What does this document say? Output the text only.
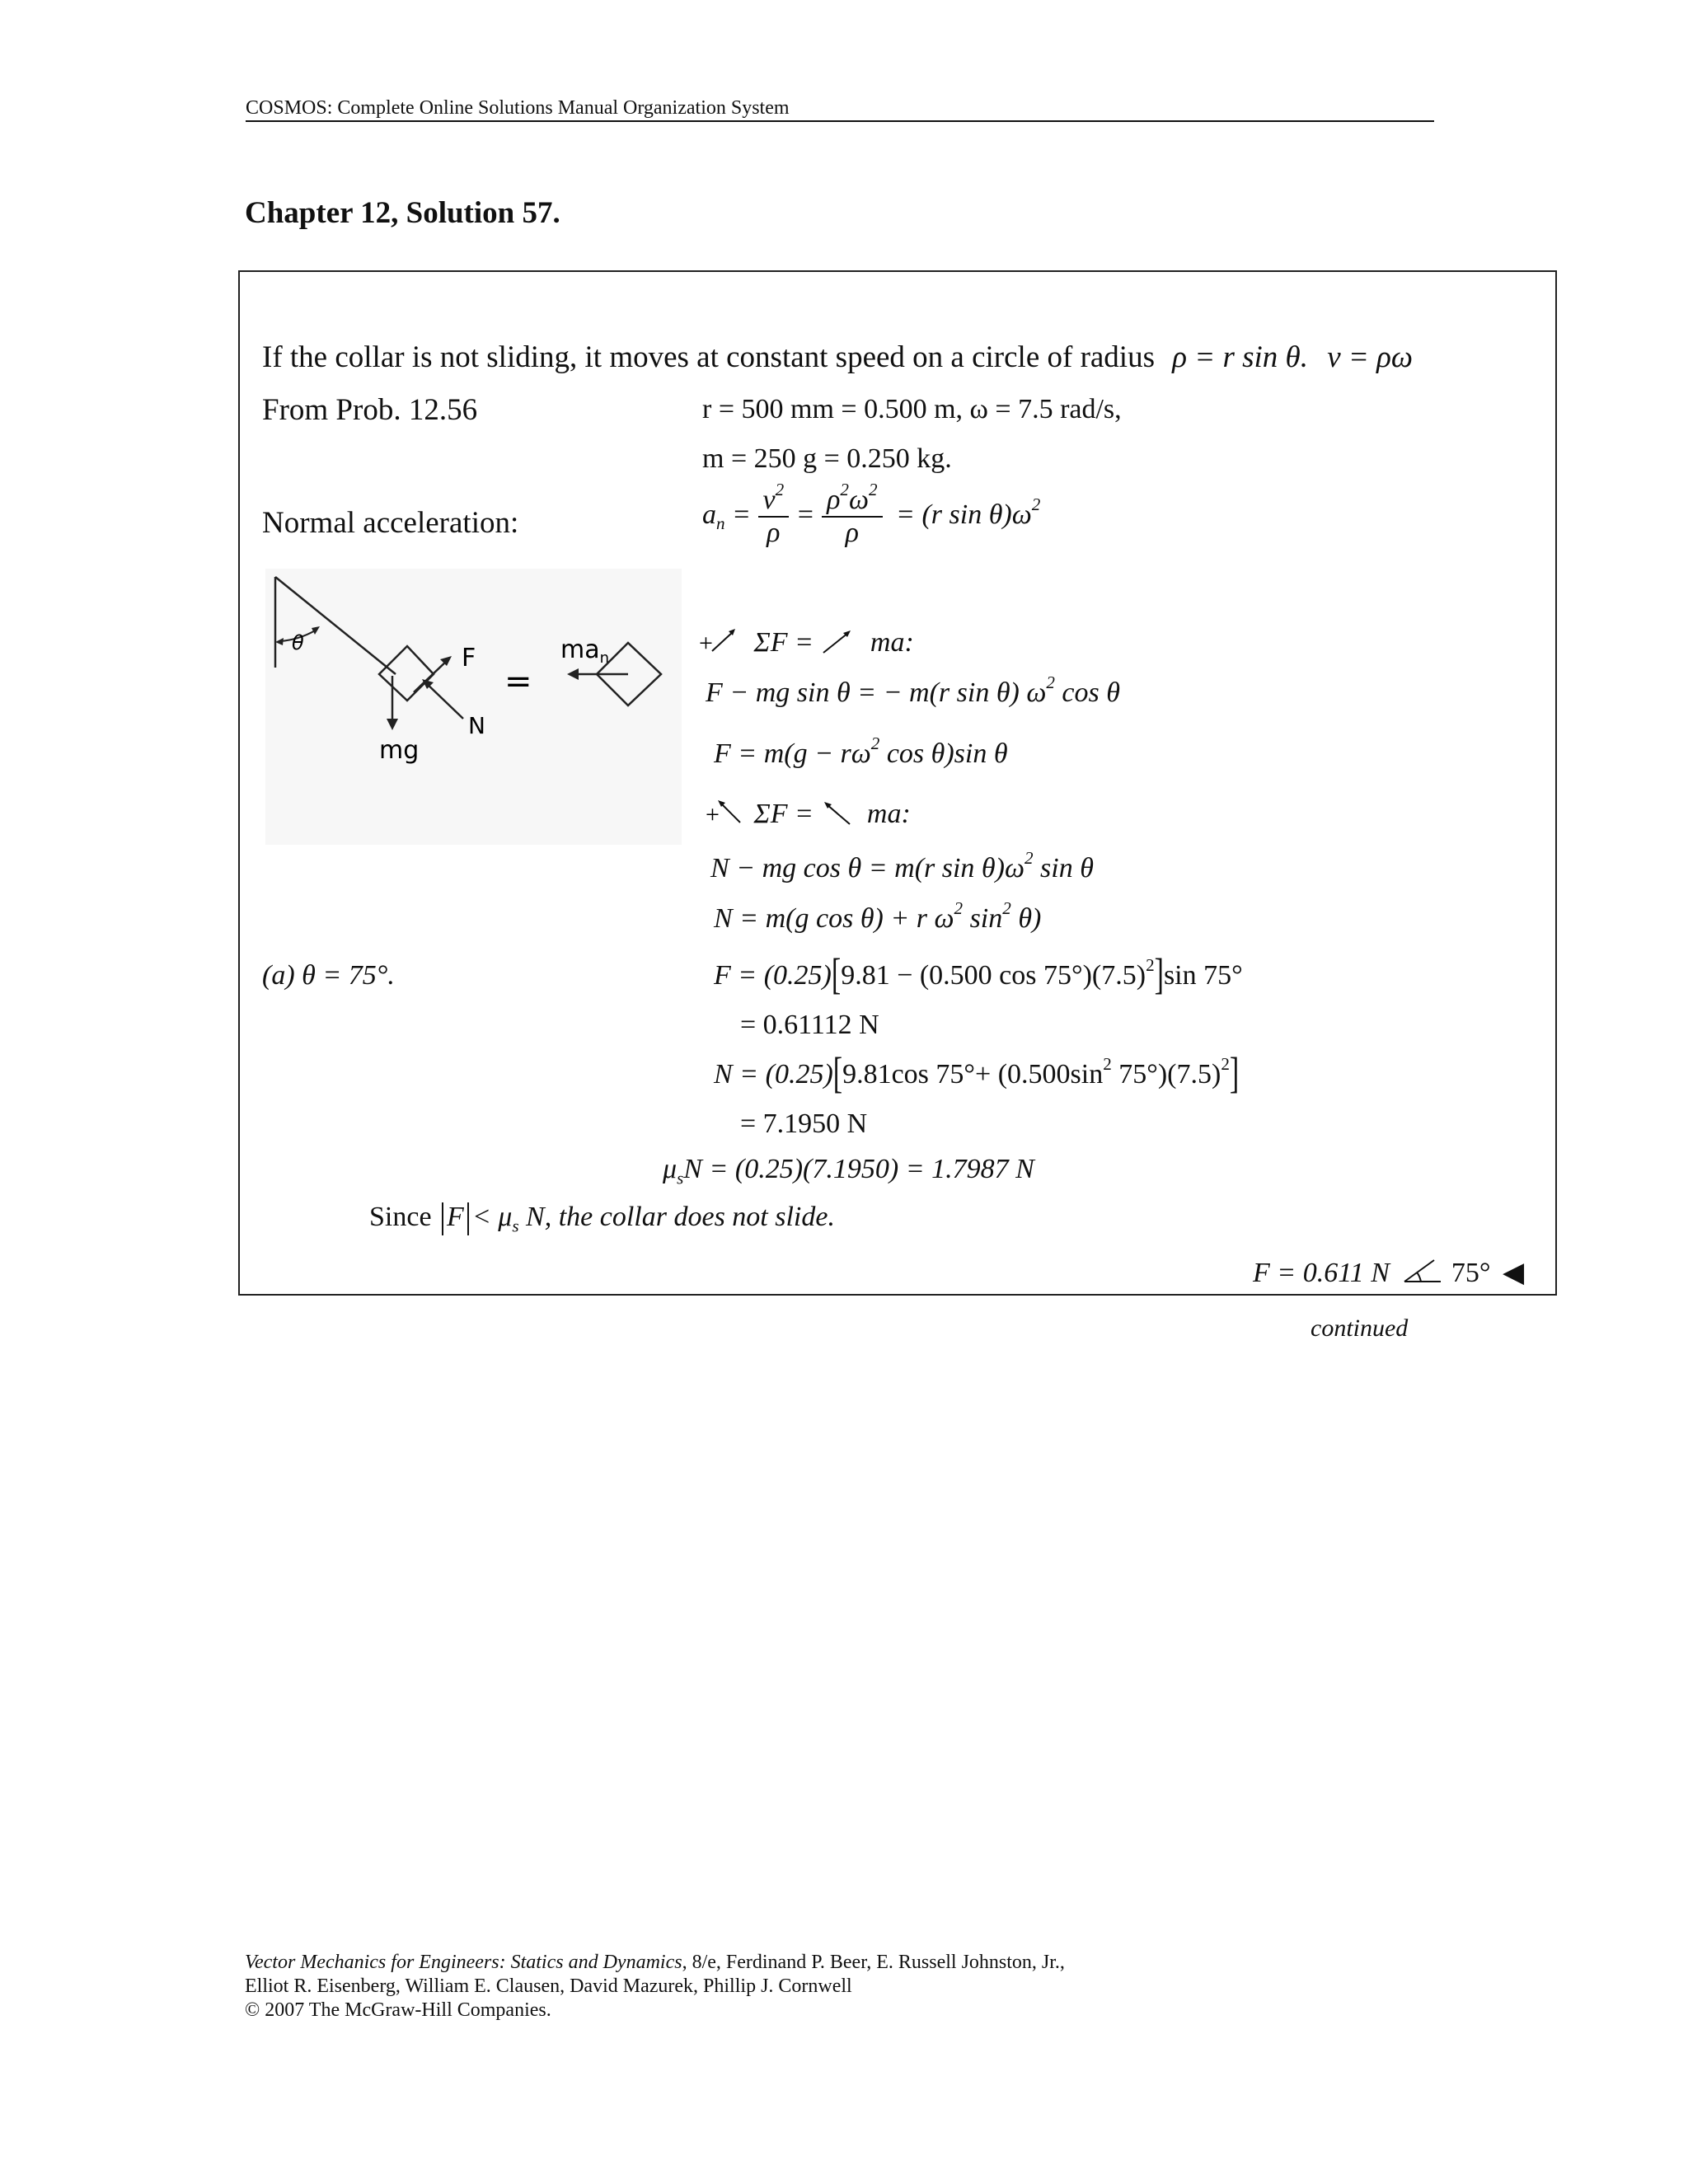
COSMOS: Complete Online Solutions Manual Organization System
Chapter 12, Solution 57.
If the collar is not sliding, it moves at constant speed on a circle of radius ρ = r sin θ. v = ρω
From Prob. 12.56	r = 500 mm = 0.500 m, ω = 7.5 rad/s,
m = 250 g = 0.250 kg.
Normal acceleration:	$a_n = \frac{v^2}{\rho} = \frac{\rho^2\omega^2}{\rho} = (r$ $\sin \theta)\omega^2$
θ
mg
F
N
=
$ma_n$
+ ΣF = ma:
F − mg sin θ = − m(r sin θ) $\omega^2$ cos θ
$F = m(g - r\omega^2$ cos θ)sin θ
+ ΣF = ma:
N − mg cos θ = m(r $\sin \theta)\omega^2$ sin θ
N = m(g cos θ) + r $\omega^2$ $\sin^2 \theta$)
(a) θ = 75°.	F = (0.25)[9.81 − (0.500 $\cos 75^\circ)(7.5)^2]\sin$ 75°
= 0.61112 N
N = (0.25)[9.81cos $75^\circ+ (0.500\sin^2$ $75^\circ)(7.5)^2$]
= 7.1950 N
$\mu_sN = (0.25)(7.1950) = 1.7987$ N
Since $F < \mu_s$ N, the collar does not slide.
F = 0.611 N 75° ◀
continued
Vector Mechanics for Engineers: Statics and Dynamics, 8/e, Ferdinand P. Beer, E. Russell Johnston, Jr.,
Elliot R. Eisenberg, William E. Clausen, David Mazurek, Phillip J. Cornwell
© 2007 The McGraw-Hill Companies.
